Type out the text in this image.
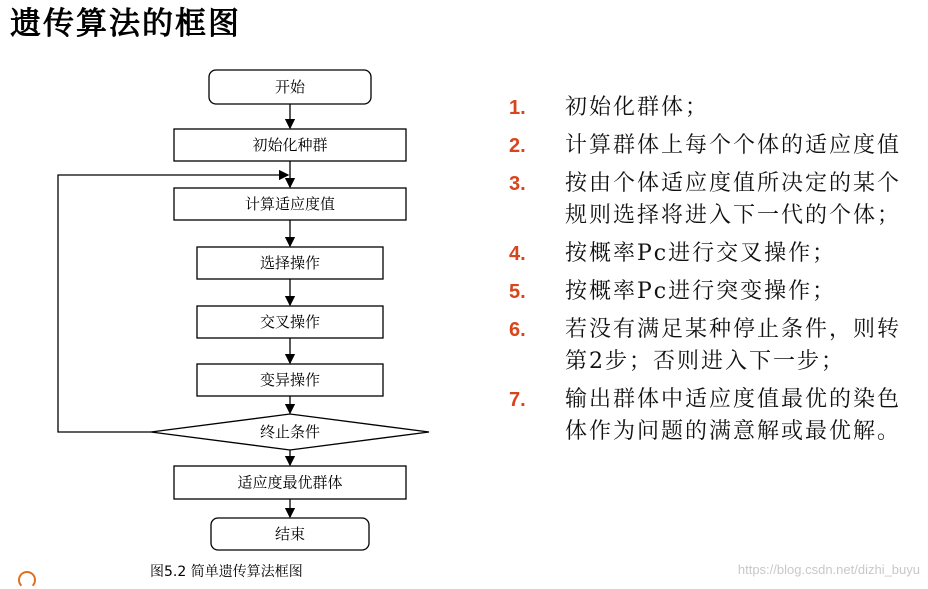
遗传算法的框图
开始
初始化种群
计算适应度值
选择操作
交叉操作
变异操作
终止条件
适应度最优群体
结束
图5.2 简单遗传算法框图
1. 初始化群体；
2. 计算群体上每个个体的适应度值
3. 按由个体适应度值所决定的某个规则选择将进入下一代的个体；
4. 按概率Pc进行交叉操作；
5. 按概率Pc进行突变操作；
6. 若没有满足某种停止条件，则转第2步；否则进入下一步；
7. 输出群体中适应度值最优的染色体作为问题的满意解或最优解。
https://blog.csdn.net/dizhi_buyu
